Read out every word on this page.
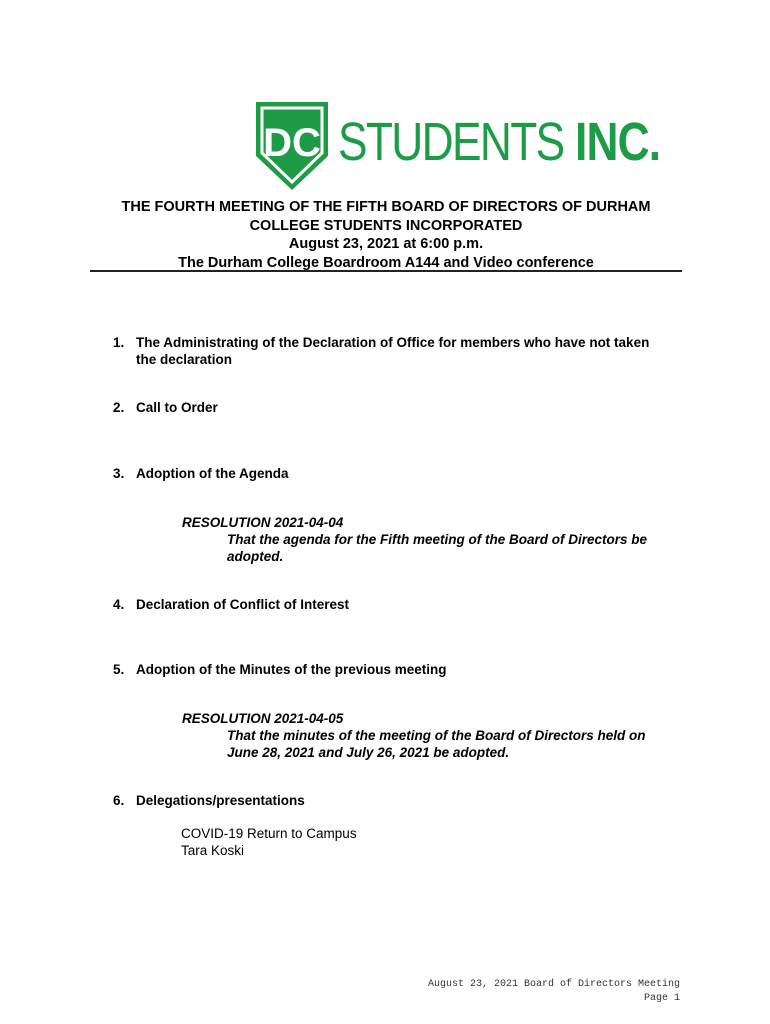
DC STUDENTS INC.
THE FOURTH MEETING OF THE FIFTH BOARD OF DIRECTORS OF DURHAM
COLLEGE STUDENTS INCORPORATED
August 23, 2021 at 6:00 p.m.
The Durham College Boardroom A144 and Video conference
1. The Administrating of the Declaration of Office for members who have not taken
the declaration
2. Call to Order
3. Adoption of the Agenda
RESOLUTION 2021-04-04
That the agenda for the Fifth meeting of the Board of Directors be
adopted.
4. Declaration of Conflict of Interest
5. Adoption of the Minutes of the previous meeting
RESOLUTION 2021-04-05
That the minutes of the meeting of the Board of Directors held on
June 28, 2021 and July 26, 2021 be adopted.
6. Delegations/presentations
COVID-19 Return to Campus
Tara Koski
August 23, 2021 Board of Directors Meeting
Page 1
